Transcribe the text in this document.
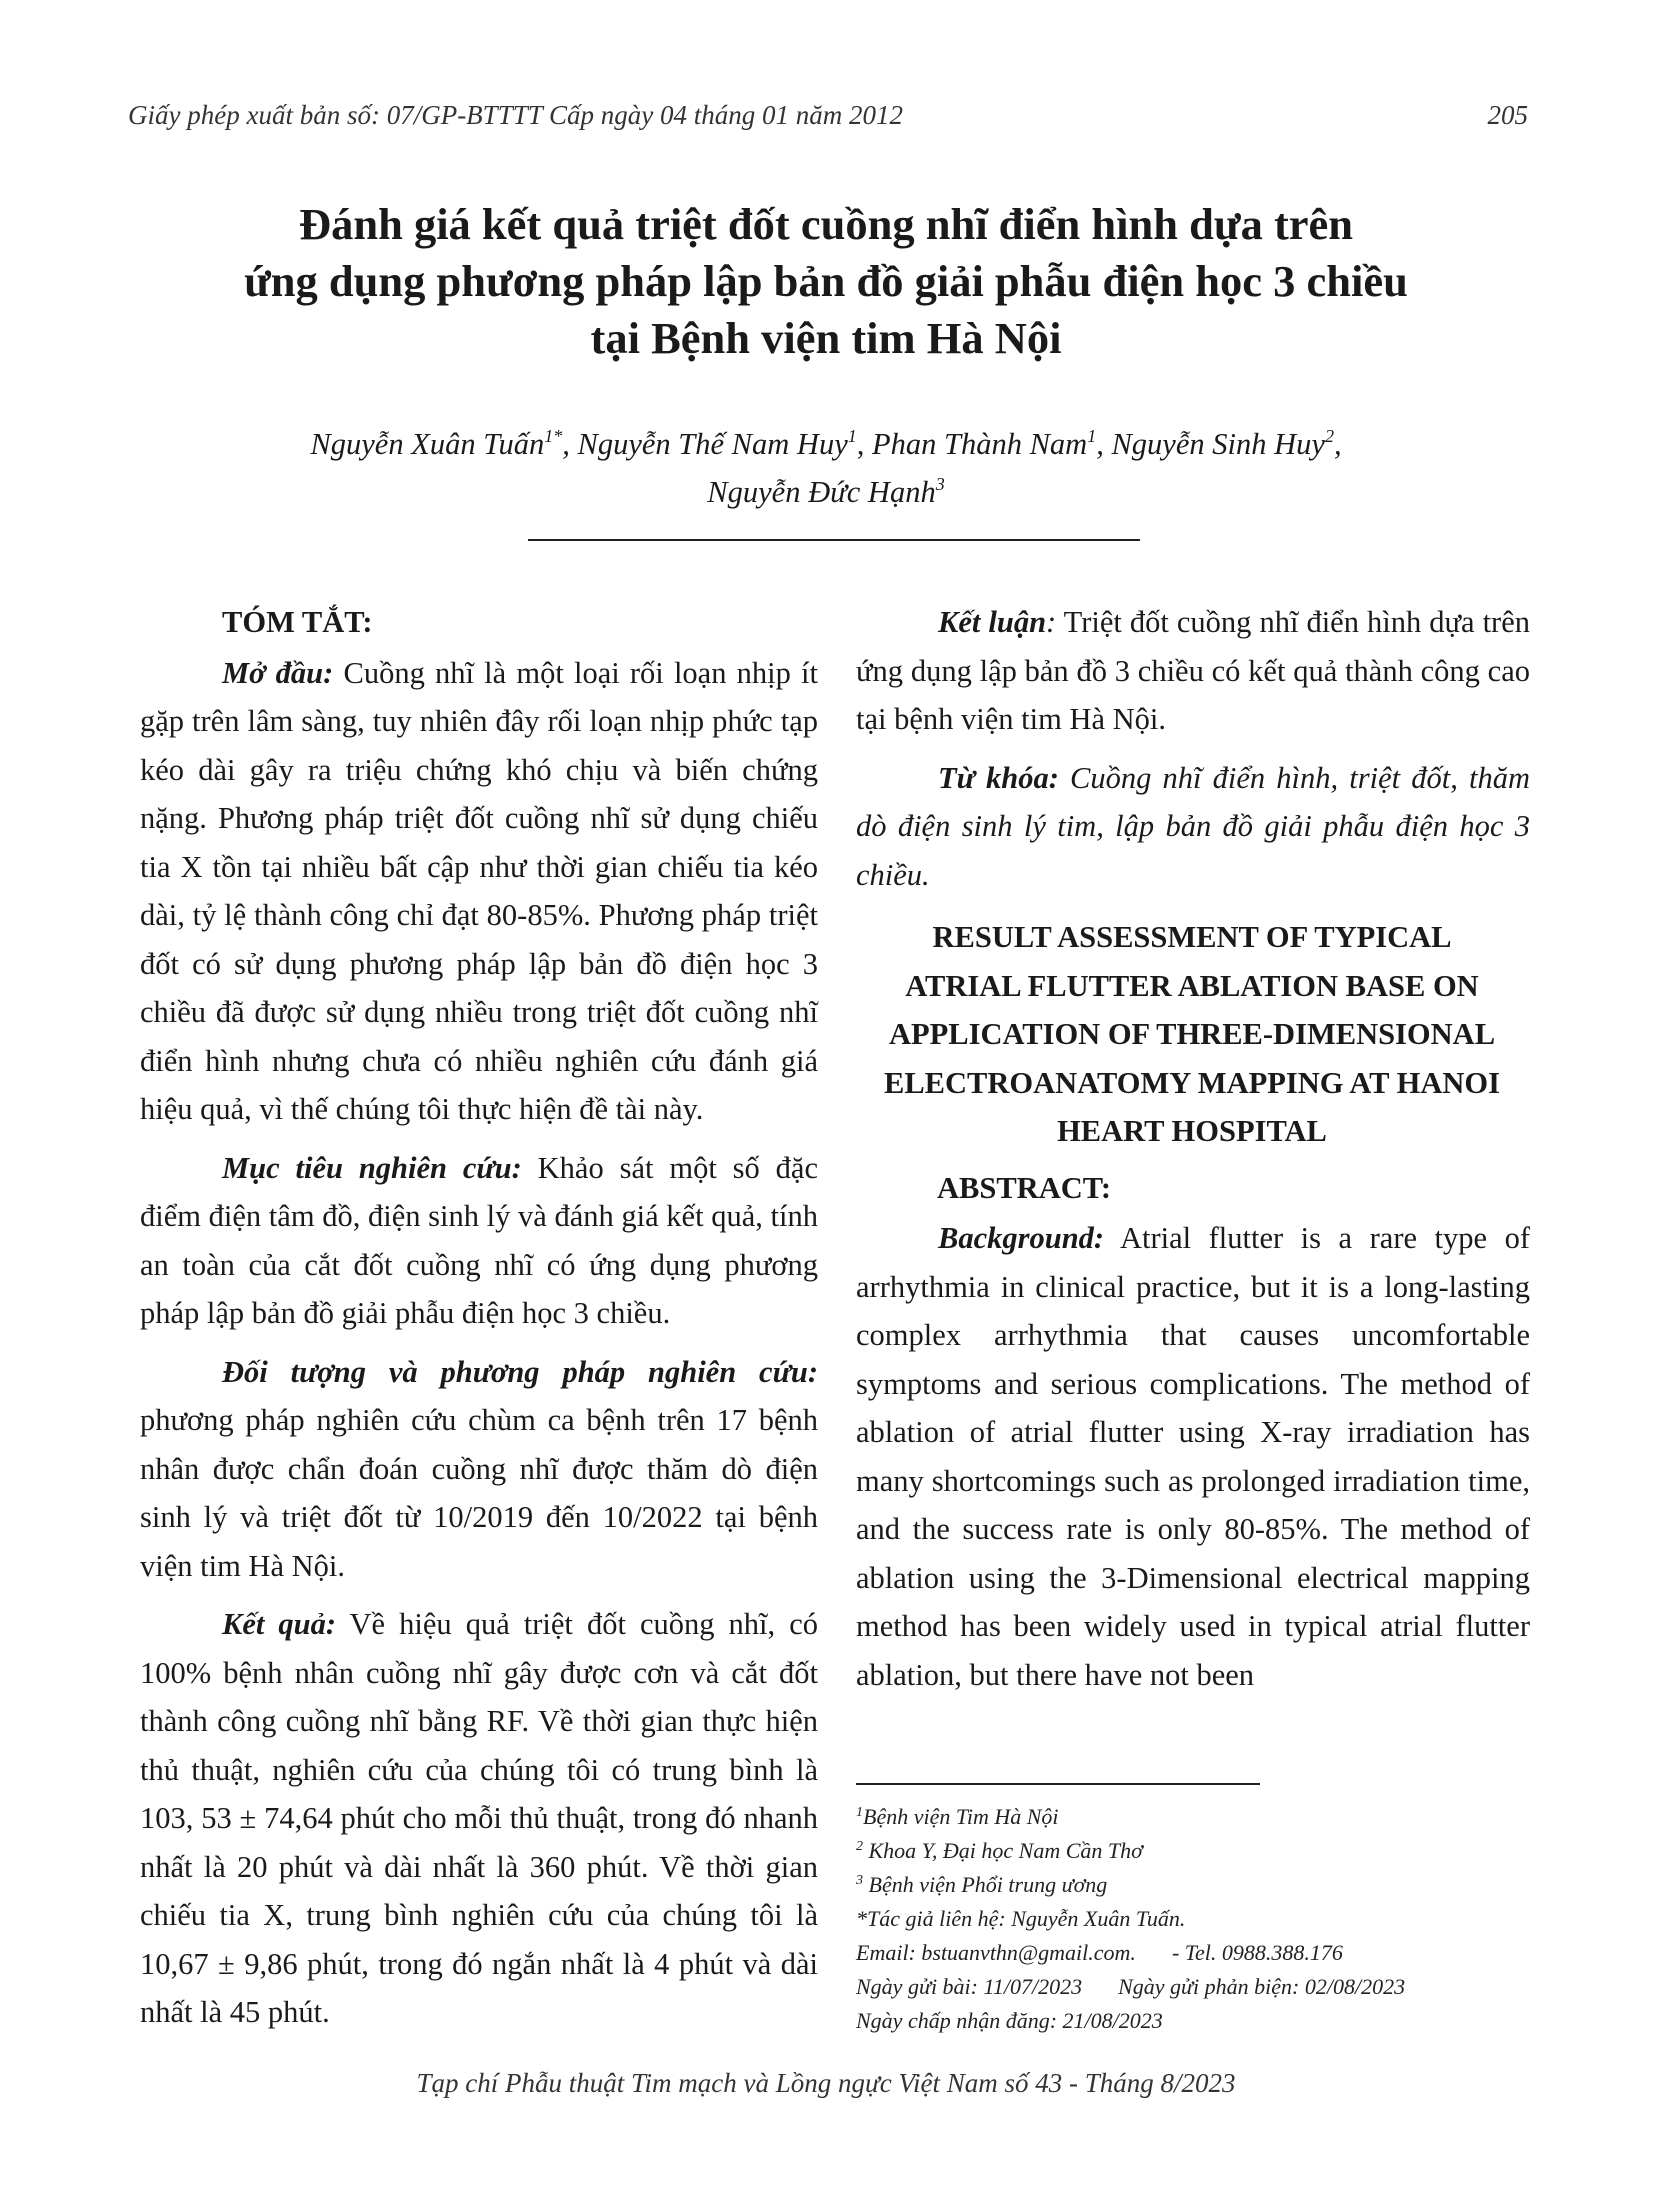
Giấy phép xuất bản số: 07/GP-BTTTT Cấp ngày 04 tháng 01 năm 2012	205
Đánh giá kết quả triệt đốt cuồng nhĩ điển hình dựa trên
ứng dụng phương pháp lập bản đồ giải phẫu điện học 3 chiều
tại Bệnh viện tim Hà Nội
Nguyễn Xuân Tuấn$^{1*}$, Nguyễn Thế Nam Huy$^1$, Phan Thành Nam$^1$, Nguyễn Sinh Huy$^2$,
Nguyễn Đức Hạnh$^3$
TÓM TẮT:

Mở đầu: Cuồng nhĩ là một loại rối loạn nhịp ít gặp trên lâm sàng, tuy nhiên đây rối loạn nhịp phức tạp kéo dài gây ra triệu chứng khó chịu và biến chứng nặng. Phương pháp triệt đốt cuồng nhĩ sử dụng chiếu tia X tồn tại nhiều bất cập như thời gian chiếu tia kéo dài, tỷ lệ thành công chỉ đạt 80-85%. Phương pháp triệt đốt có sử dụng phương pháp lập bản đồ điện học 3 chiều đã được sử dụng nhiều trong triệt đốt cuồng nhĩ điển hình nhưng chưa có nhiều nghiên cứu đánh giá hiệu quả, vì thế chúng tôi thực hiện đề tài này.

Mục tiêu nghiên cứu: Khảo sát một số đặc điểm điện tâm đồ, điện sinh lý và đánh giá kết quả, tính an toàn của cắt đốt cuồng nhĩ có ứng dụng phương pháp lập bản đồ giải phẫu điện học 3 chiều.

Đối tượng và phương pháp nghiên cứu: phương pháp nghiên cứu chùm ca bệnh trên 17 bệnh nhân được chẩn đoán cuồng nhĩ được thăm dò điện sinh lý và triệt đốt từ 10/2019 đến 10/2022 tại bệnh viện tim Hà Nội.

Kết quả: Về hiệu quả triệt đốt cuồng nhĩ, có 100% bệnh nhân cuồng nhĩ gây được cơn và cắt đốt thành công cuồng nhĩ bằng RF. Về thời gian thực hiện thủ thuật, nghiên cứu của chúng tôi có trung bình là 103, 53 ± 74,64 phút cho mỗi thủ thuật, trong đó nhanh nhất là 20 phút và dài nhất là 360 phút. Về thời gian chiếu tia X, trung bình nghiên cứu của chúng tôi là 10,67 ± 9,86 phút, trong đó ngắn nhất là 4 phút và dài nhất là 45 phút.

Kết luận: Triệt đốt cuồng nhĩ điển hình dựa trên ứng dụng lập bản đồ 3 chiều có kết quả thành công cao tại bệnh viện tim Hà Nội.

Từ khóa: Cuồng nhĩ điển hình, triệt đốt, thăm dò điện sinh lý tim, lập bản đồ giải phẫu điện học 3 chiều.

RESULT ASSESSMENT OF TYPICAL
ATRIAL FLUTTER ABLATION BASE ON
APPLICATION OF THREE-DIMENSIONAL
ELECTROANATOMY MAPPING AT HANOI
HEART HOSPITAL
ABSTRACT:

Background: Atrial flutter is a rare type of arrhythmia in clinical practice, but it is a long-lasting complex arrhythmia that causes uncomfortable symptoms and serious complications. The method of ablation of atrial flutter using X-ray irradiation has many shortcomings such as prolonged irradiation time, and the success rate is only 80-85%. The method of ablation using the 3-Dimensional electrical mapping method has been widely used in typical atrial flutter ablation, but there have not been

$^1$Bệnh viện Tim Hà Nội
$^2$ Khoa Y, Đại học Nam Cần Thơ
$^3$ Bệnh viện Phổi trung ương
*Tác giả liên hệ: Nguyễn Xuân Tuấn.
Email: bstuanvthn@gmail.com. - Tel. 0988.388.176
Ngày gửi bài: 11/07/2023 Ngày gửi phản biện: 02/08/2023
Ngày chấp nhận đăng: 21/08/2023
Tạp chí Phẫu thuật Tim mạch và Lồng ngực Việt Nam số 43 - Tháng 8/2023
